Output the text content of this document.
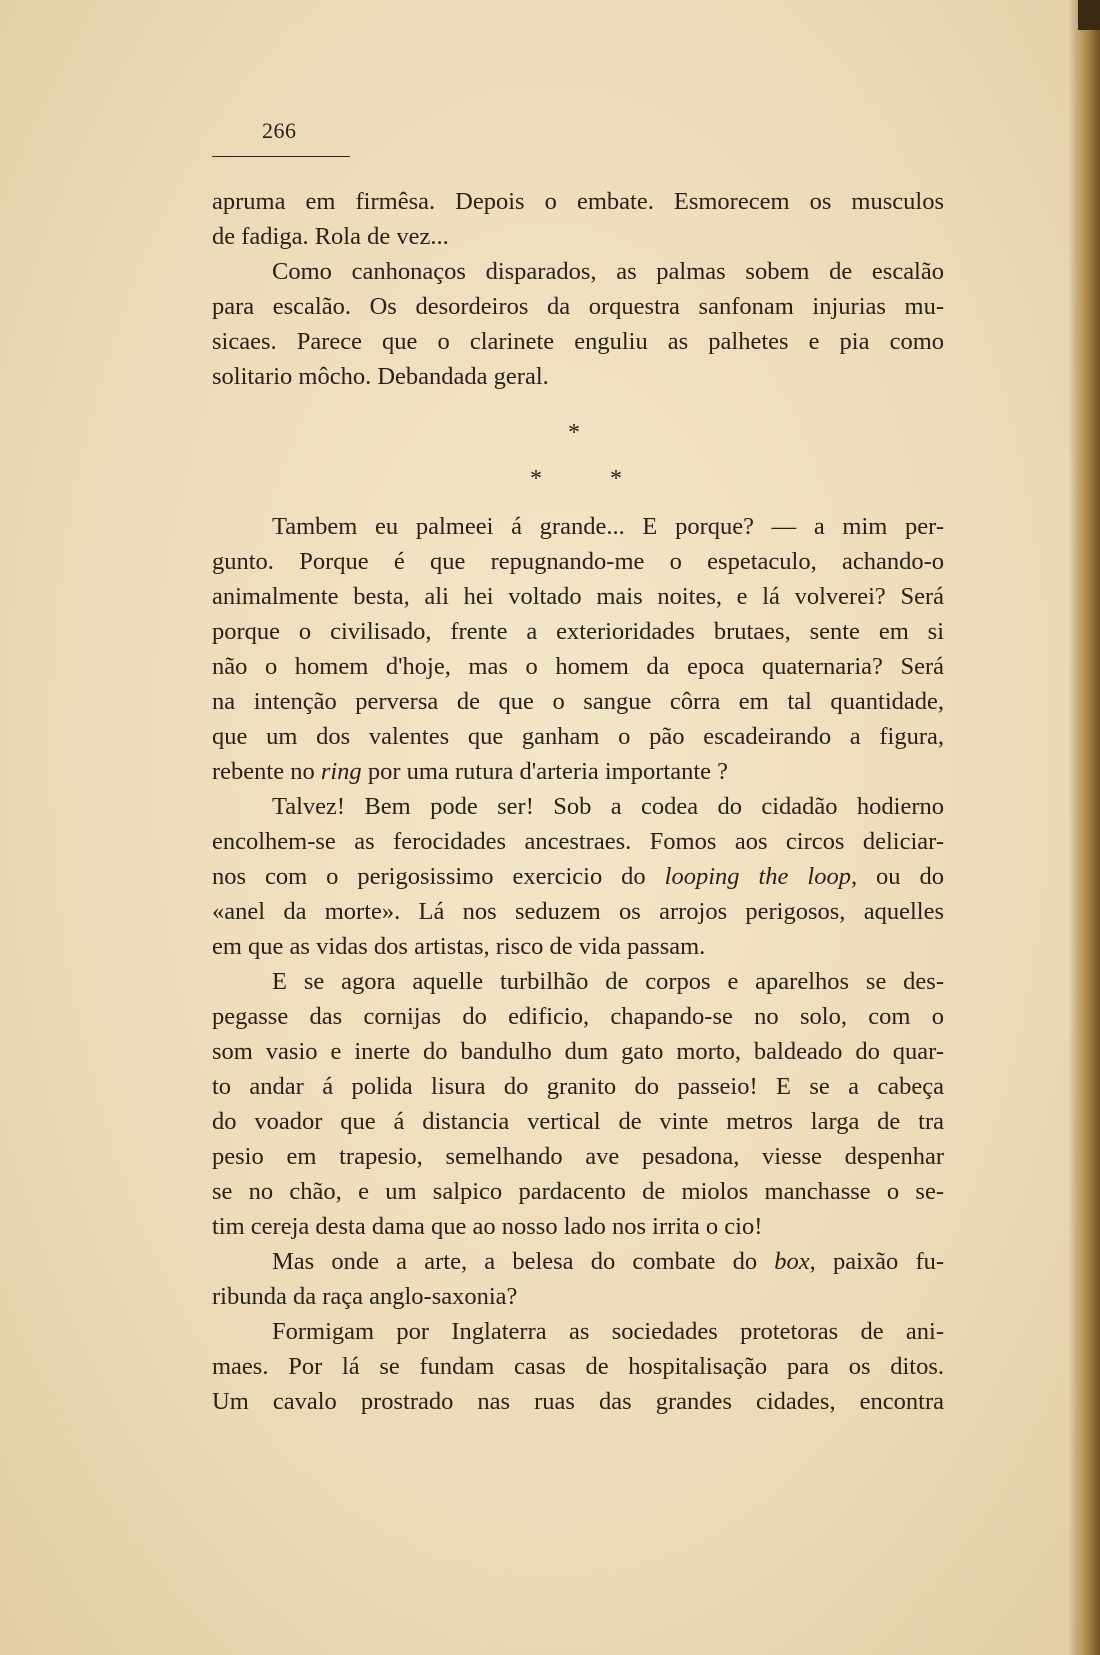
266
apruma em firmêsa. Depois o embate. Esmorecem os musculos
de fadiga. Rola de vez...
Como canhonaços disparados, as palmas sobem de escalão
para escalão. Os desordeiros da orquestra sanfonam injurias mu-
sicaes. Parece que o clarinete enguliu as palhetes e pia como
solitario môcho. Debandada geral.
*
*	*
Tambem eu palmeei á grande... E porque? — a mim per-
gunto. Porque é que repugnando-me o espetaculo, achando-o
animalmente besta, ali hei voltado mais noites, e lá volverei? Será
porque o civilisado, frente a exterioridades brutaes, sente em si
não o homem d'hoje, mas o homem da epoca quaternaria? Será
na intenção perversa de que o sangue côrra em tal quantidade,
que um dos valentes que ganham o pão escadeirando a figura,
rebente no ring por uma rutura d'arteria importante ?
Talvez! Bem pode ser! Sob a codea do cidadão hodierno
encolhem-se as ferocidades ancestraes. Fomos aos circos deliciar-
nos com o perigosissimo exercicio do looping the loop, ou do
«anel da morte». Lá nos seduzem os arrojos perigosos, aquelles
em que as vidas dos artistas, risco de vida passam.
E se agora aquelle turbilhão de corpos e aparelhos se des-
pegasse das cornijas do edificio, chapando-se no solo, com o
som vasio e inerte do bandulho dum gato morto, baldeado do quar-
to andar á polida lisura do granito do passeio! E se a cabeça
do voador que á distancia vertical de vinte metros larga de tra
pesio em trapesio, semelhando ave pesadona, viesse despenhar
se no chão, e um salpico pardacento de miolos manchasse o se-
tim cereja desta dama que ao nosso lado nos irrita o cio!
Mas onde a arte, a belesa do combate do box, paixão fu-
ribunda da raça anglo-saxonia?
Formigam por Inglaterra as sociedades protetoras de ani-
maes. Por lá se fundam casas de hospitalisação para os ditos.
Um cavalo prostrado nas ruas das grandes cidades, encontra
